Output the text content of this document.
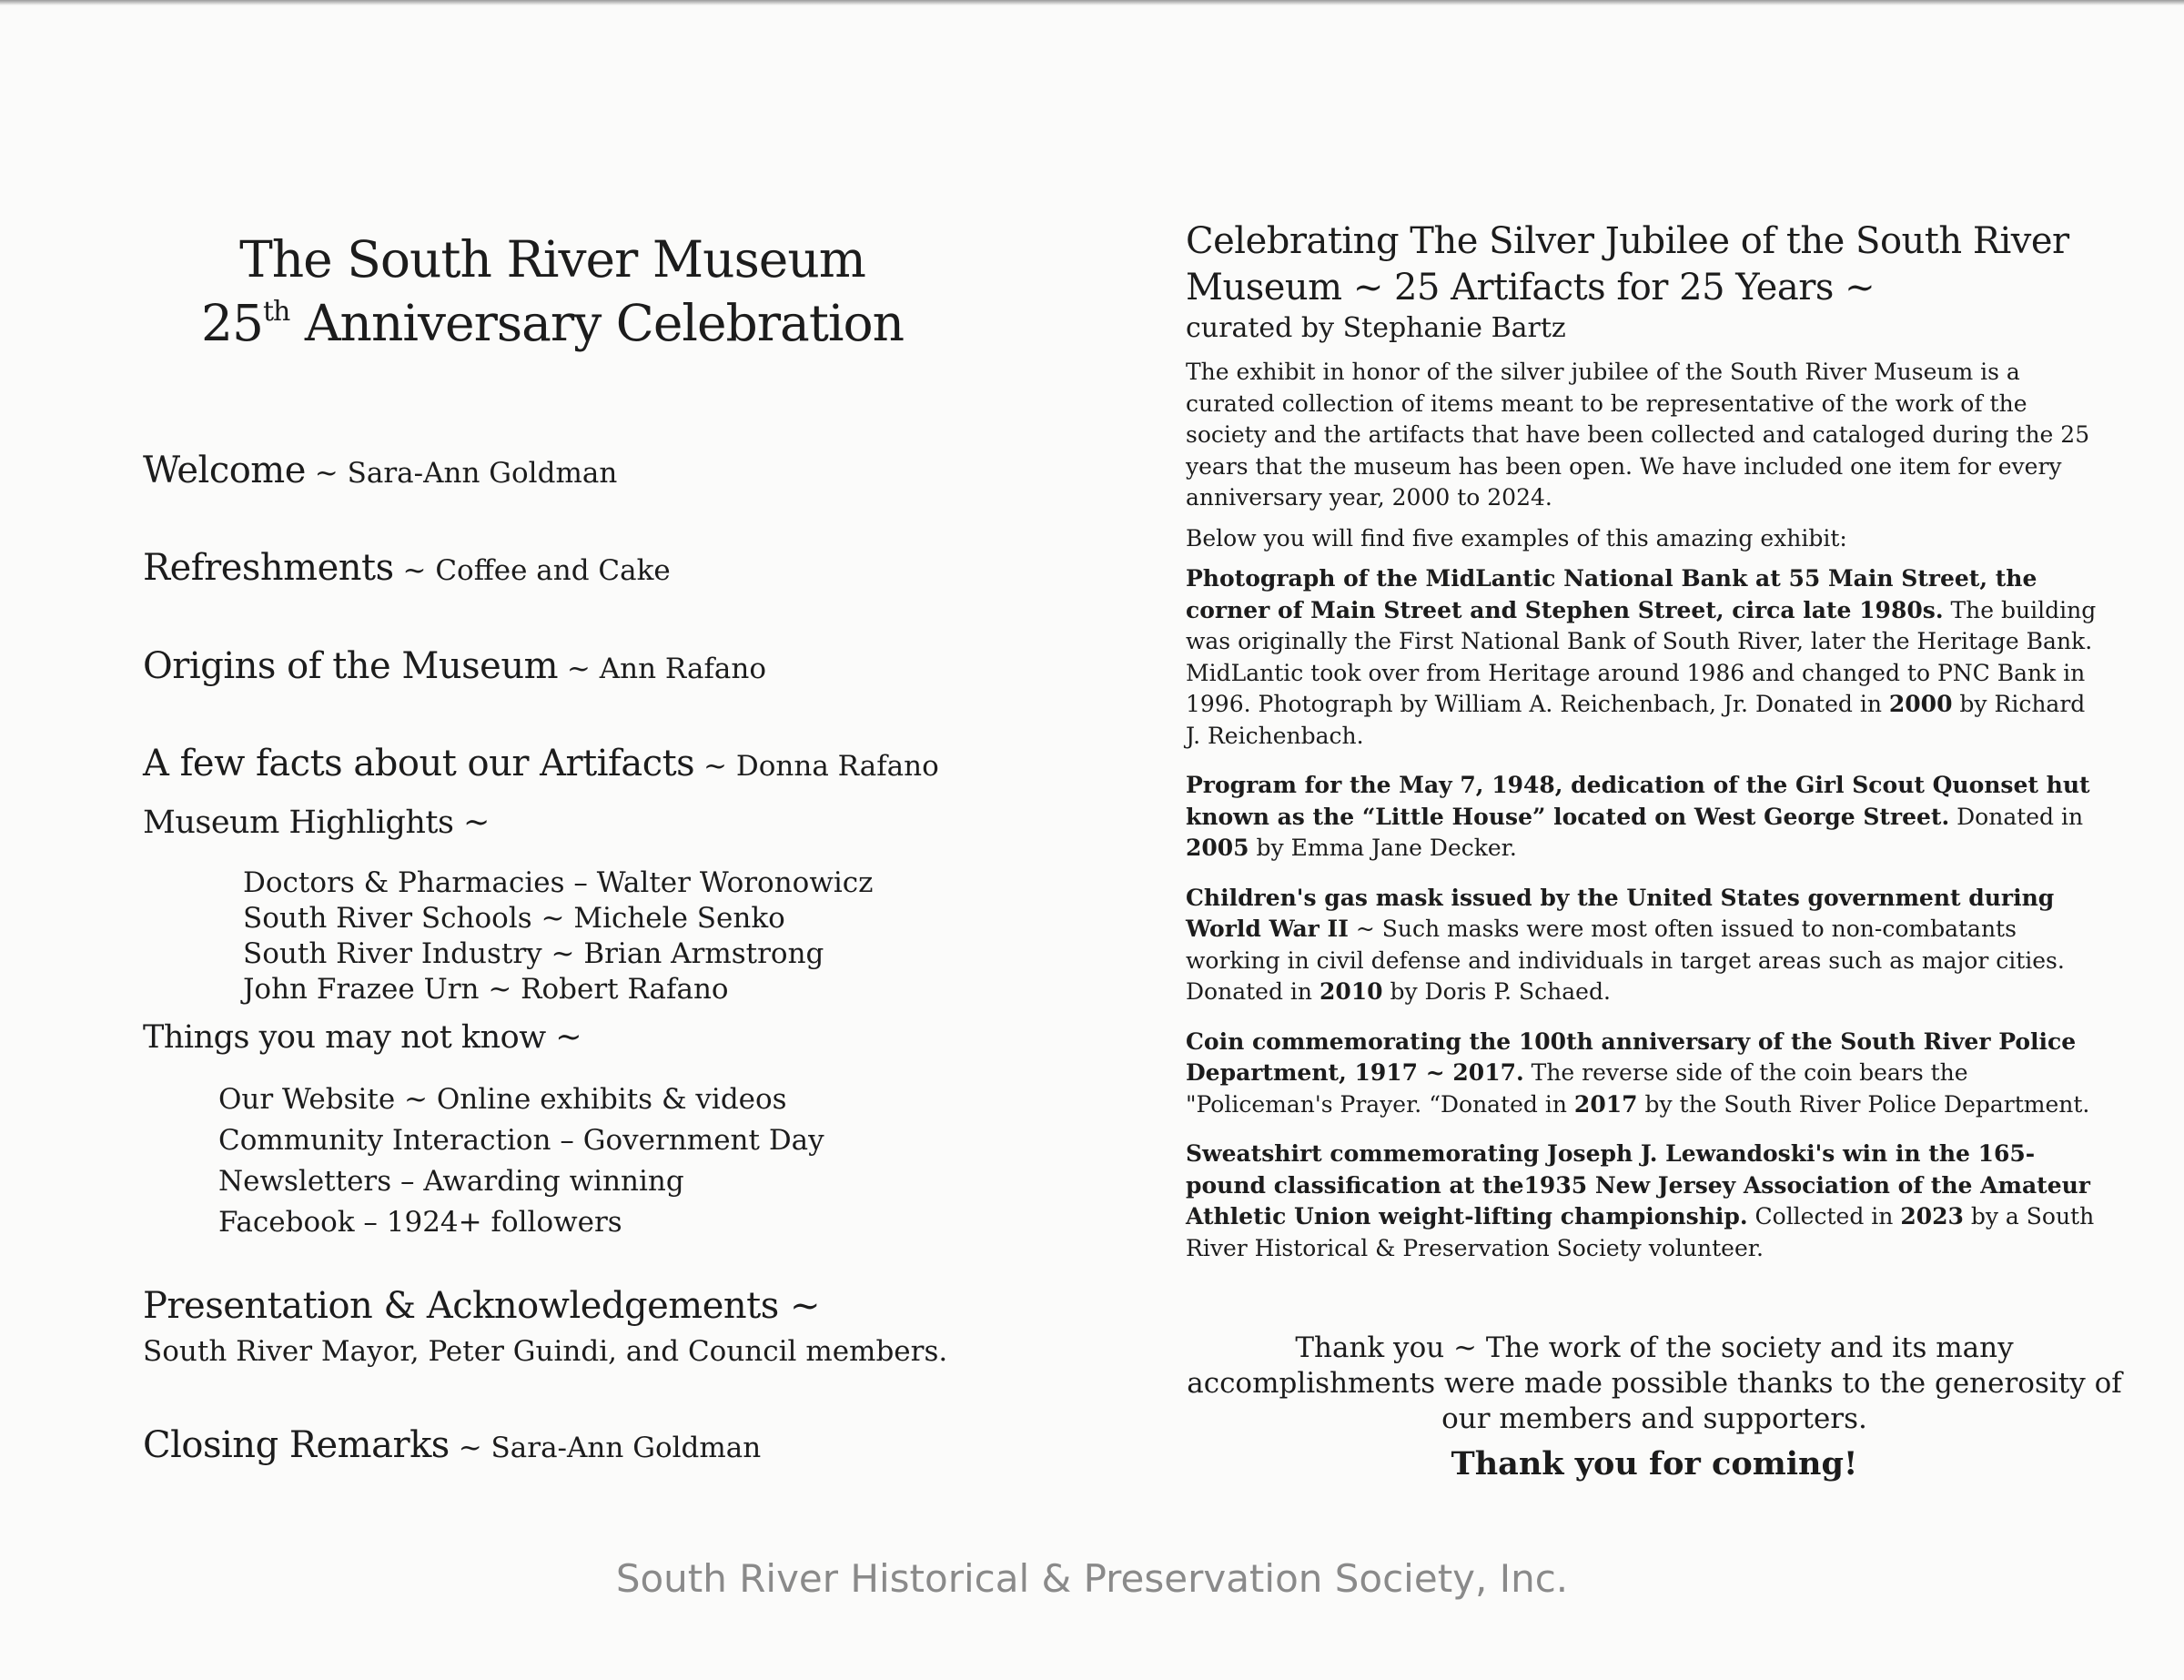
The South River Museum
25th Anniversary Celebration
Welcome ~ Sara-Ann Goldman
Refreshments ~ Coffee and Cake
Origins of the Museum ~ Ann Rafano
A few facts about our Artifacts ~ Donna Rafano
Museum Highlights ~
Doctors & Pharmacies – Walter Woronowicz
South River Schools ~ Michele Senko
South River Industry ~ Brian Armstrong
John Frazee Urn ~ Robert Rafano
Things you may not know ~
Our Website ~ Online exhibits & videos
Community Interaction – Government Day
Newsletters – Awarding winning
Facebook – 1924+ followers
Presentation & Acknowledgements ~
South River Mayor, Peter Guindi, and Council members.
Closing Remarks ~ Sara-Ann Goldman
Celebrating The Silver Jubilee of the South River
Museum ~ 25 Artifacts for 25 Years ~
curated by Stephanie Bartz

The exhibit in honor of the silver jubilee of the South River Museum is a curated collection of items meant to be representative of the work of the society and the artifacts that have been collected and cataloged during the 25 years that the museum has been open. We have included one item for every anniversary year, 2000 to 2024.

Below you will find five examples of this amazing exhibit:

Photograph of the MidLantic National Bank at 55 Main Street, the corner of Main Street and Stephen Street, circa late 1980s. The building was originally the First National Bank of South River, later the Heritage Bank. MidLantic took over from Heritage around 1986 and changed to PNC Bank in 1996. Photograph by William A. Reichenbach, Jr. Donated in 2000 by Richard J. Reichenbach.

Program for the May 7, 1948, dedication of the Girl Scout Quonset hut known as the “Little House” located on West George Street. Donated in 2005 by Emma Jane Decker.

Children's gas mask issued by the United States government during World War II ~ Such masks were most often issued to non-combatants working in civil defense and individuals in target areas such as major cities. Donated in 2010 by Doris P. Schaed.

Coin commemorating the 100th anniversary of the South River Police Department, 1917 ~ 2017. The reverse side of the coin bears the "Policeman's Prayer. “Donated in 2017 by the South River Police Department.

Sweatshirt commemorating Joseph J. Lewandoski's win in the 165-pound classification at the1935 New Jersey Association of the Amateur Athletic Union weight-lifting championship. Collected in 2023 by a South River Historical & Preservation Society volunteer.

Thank you ~ The work of the society and its many accomplishments were made possible thanks to the generosity of our members and supporters.
Thank you for coming!
South River Historical & Preservation Society, Inc.
